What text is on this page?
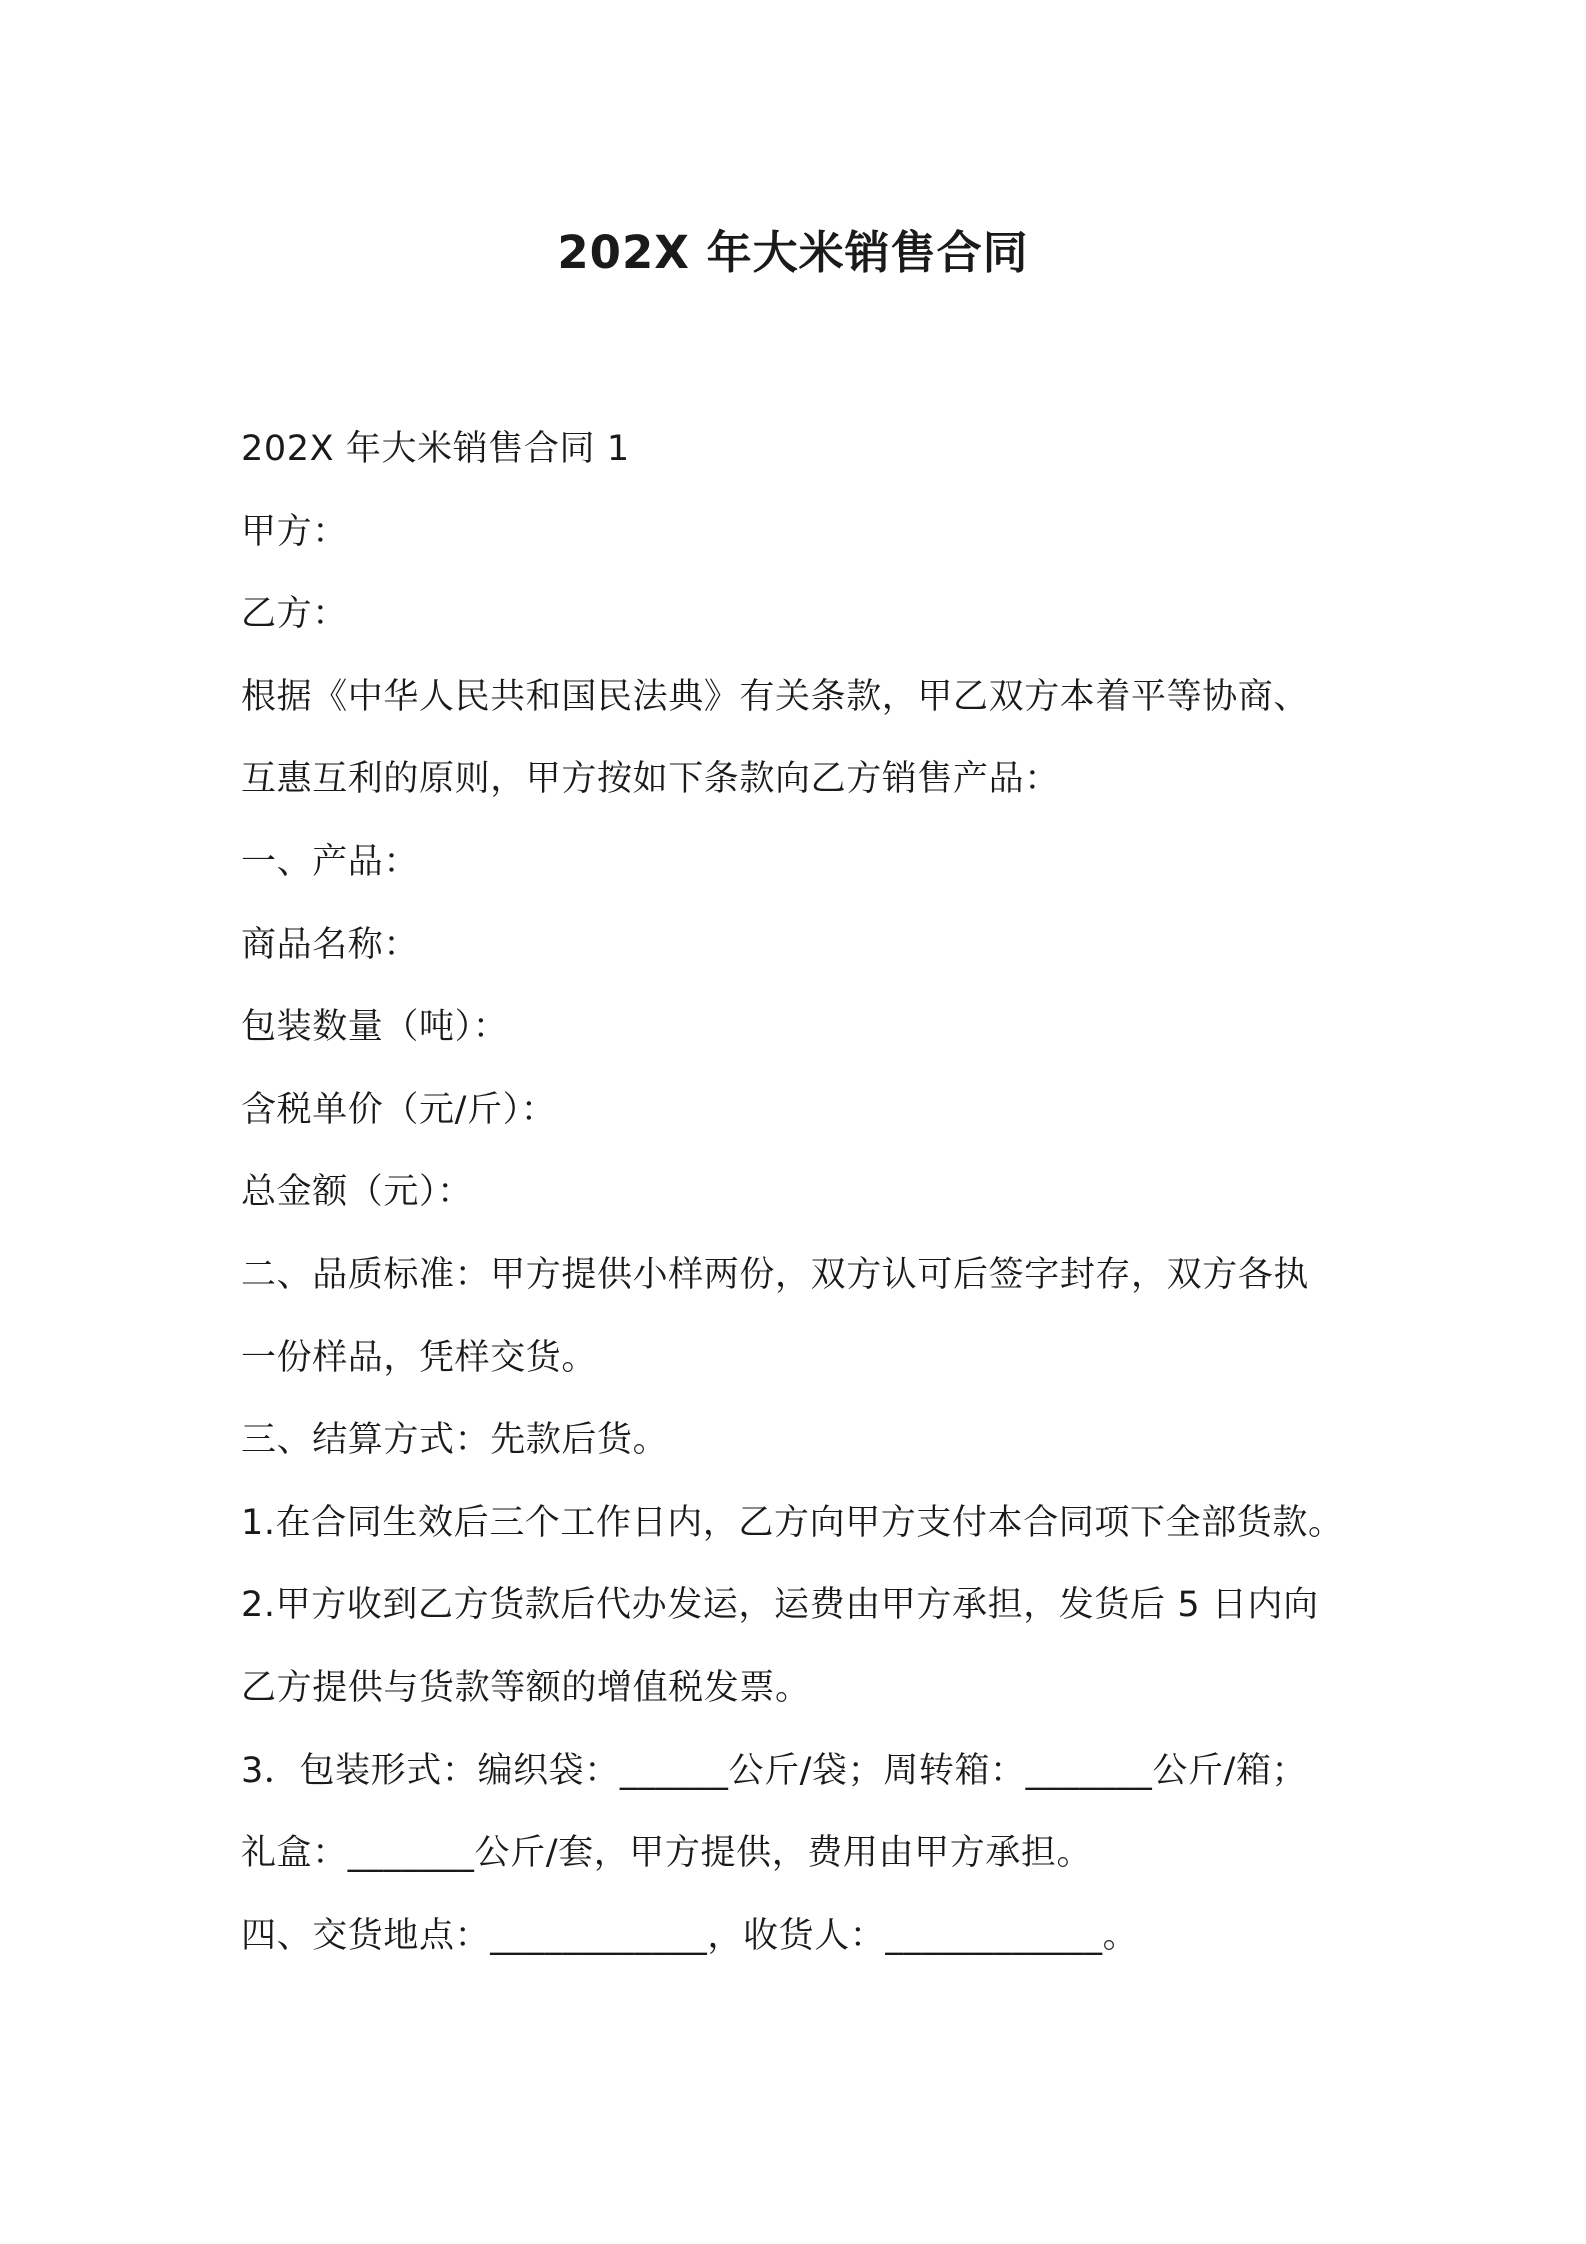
202X 年大米销售合同
202X 年大米销售合同 1
甲方：
乙方：
根据《中华人民共和国民法典》有关条款，甲乙双方本着平等协商、
互惠互利的原则，甲方按如下条款向乙方销售产品：
一、产品：
商品名称：
包装数量（吨）：
含税单价（元/斤）：
总金额（元）：
二、品质标准：甲方提供小样两份，双方认可后签字封存，双方各执
一份样品，凭样交货。
三、结算方式：先款后货。
1.在合同生效后三个工作日内，乙方向甲方支付本合同项下全部货款。
2.甲方收到乙方货款后代办发运，运费由甲方承担，发货后 5 日内向
乙方提供与货款等额的增值税发票。
3．包装形式：编织袋：______公斤/袋；周转箱：_______公斤/箱；
礼盒：_______公斤/套，甲方提供，费用由甲方承担。
四、交货地点：____________，收货人：____________。
